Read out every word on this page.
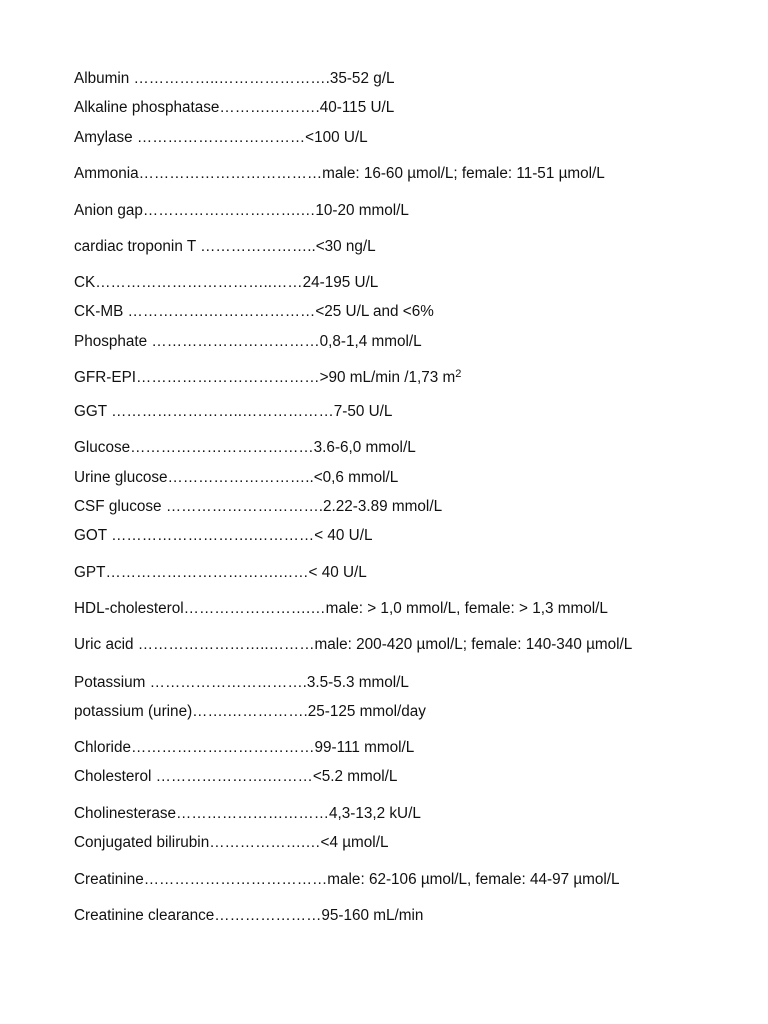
Albumin ……………..………………….35-52 g/L
Alkaline phosphatase……….……….40-115 U/L
Amylase ……………………………<100 U/L
Ammonia………………………………male: 16-60 µmol/L; female: 11-51 µmol/L
Anion gap………………………….…10-20 mmol/L
cardiac troponin T …………………..<30 ng/L
CK……………………………..……24-195 U/L
CK-MB …………….…………………<25 U/L and <6%
Phosphate ……………………………0,8-1,4 mmol/L
GFR-EPI………………………………>90 mL/min /1,73 $m^2$
GGT ……………………..………………7-50 U/L
Glucose………………………………3.6-6,0 mmol/L
Urine glucose………………………..<0,6 mmol/L
CSF glucose ………………………….2.22-3.89 mmol/L
GOT ……………………….…………< 40 U/L
GPT…………………………….……< 40 U/L
HDL-cholesterol…………………….…male: > 1,0 mmol/L, female: > 1,3 mmol/L
Uric acid ……………………..………male: 200-420 µmol/L; female: 140-340 µmol/L
Potassium ………………………….3.5-5.3 mmol/L
potassium (urine)…….…………….25-125 mmol/day
Chloride………………………………99-111 mmol/L
Cholesterol ………………….………<5.2 mmol/L
Cholinesterase…………………………4,3-13,2 kU/L
Conjugated bilirubin……………….…<4 µmol/L
Creatinine………………………………male: 62-106 µmol/L, female: 44-97 µmol/L
Creatinine clearance…………………95-160 mL/min
